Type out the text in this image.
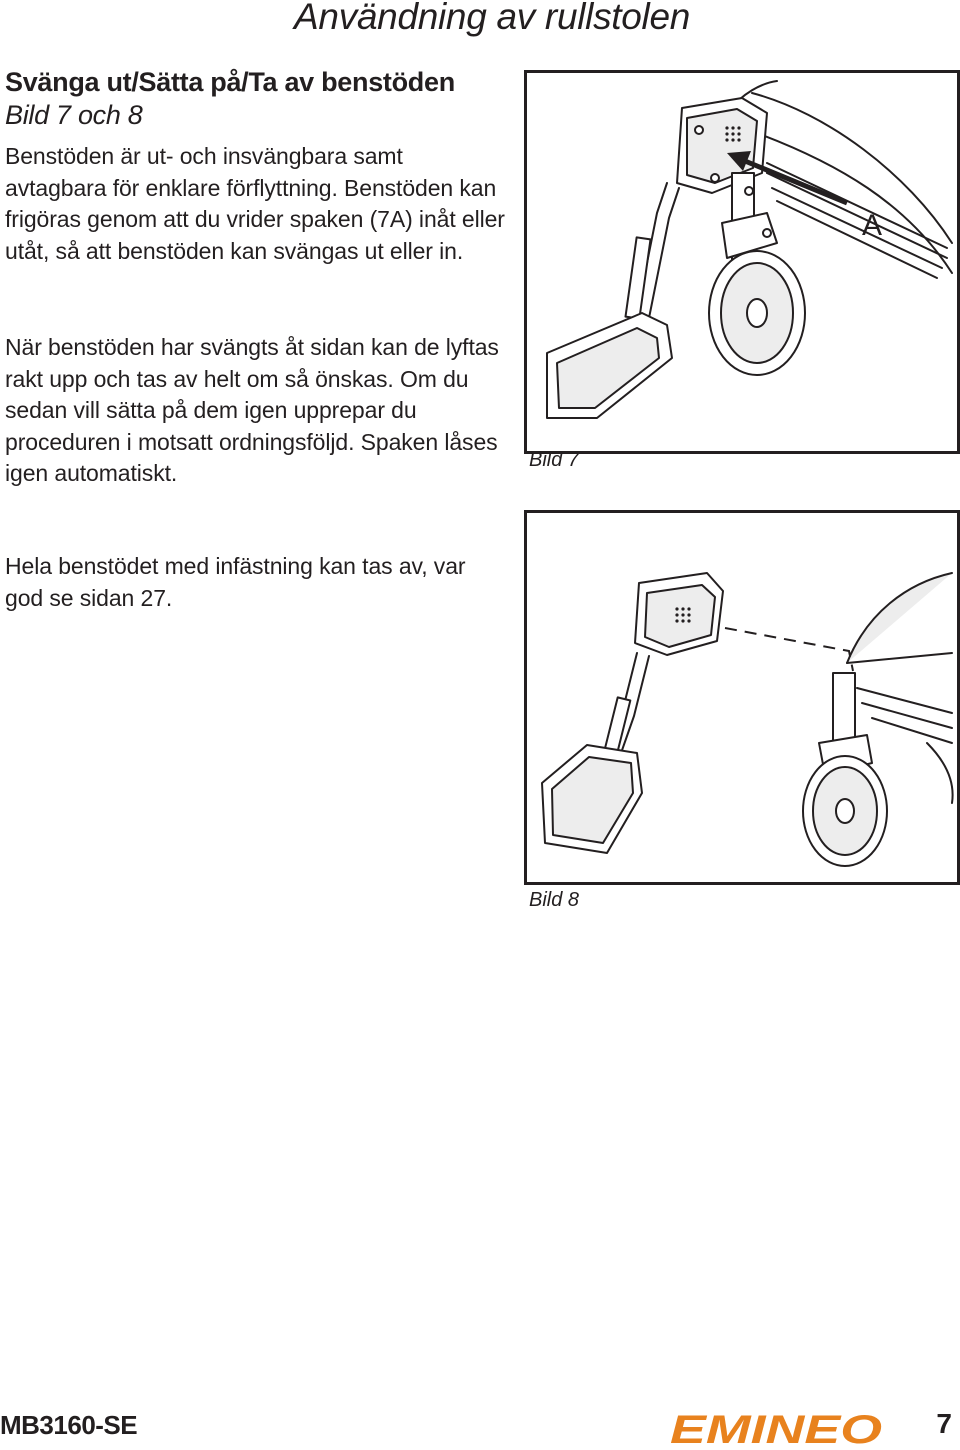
Användning av rullstolen
Svänga ut/Sätta på/Ta av benstöden Bild 7 och 8

Benstöden är ut- och insvängbara samt avtagbara för enklare förflyttning. Benstöden kan frigöras genom att du vrider spaken (7A) inåt eller utåt, så att benstöden kan svängas ut eller in.

När benstöden har svängts åt sidan kan de lyftas rakt upp och tas av helt om så önskas. Om du sedan vill sätta på dem igen upprepar du proceduren i motsatt ordningsföljd. Spaken låses igen automatiskt.

Hela benstödet med infästning kan tas av, var god se sidan 27.

A
Bild 7
Bild 8
MB3160-SE	EMINEO 7
